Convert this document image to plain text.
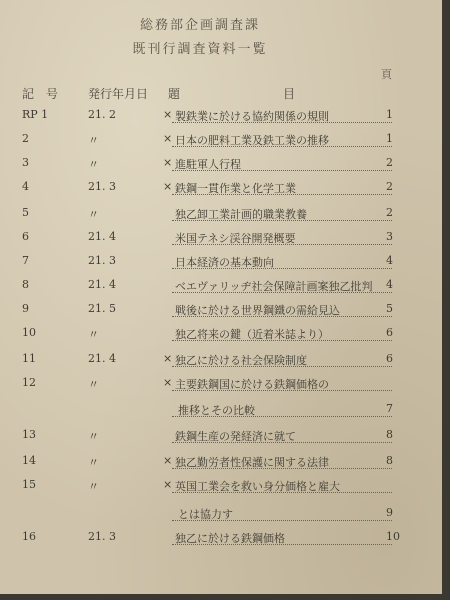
総務部企画調査課
既刊行調査資料一覧
頁
記　号 発行年月日 題	目
RP 1	21. 2	× 製鉄業に於ける協約関係の規則	1
2	〃	× 日本の肥料工業及鉄工業の推移	1
3	〃	× 進駐軍人行程	2
4	21. 3	× 鉄鋼一貫作業と化学工業	2
5	〃	独乙卸工業計画的職業教養	2
6	21. 4	米国テネシ渓谷開発概要	3
7	21. 3	日本経済の基本動向	4
8	21. 4	ベエヴァリッヂ社会保障計画案独乙批判 4
9	21. 5	戦後に於ける世界鋼鐵の需給見込	5
10	〃	独乙将来の鍵（近着米誌より）	6
11	21. 4	× 独乙に於ける社会保険制度	6
12	〃	× 主要鉄鋼国に於ける鉄鋼価格の
推移とその比較	7
13	〃	鉄鋼生産の発経済に就て	8
14	〃	× 独乙勤労者性保護に関する法律	8
15	〃	× 英国工業会を救い身分価格と雇大
とは協力す	9
16	21. 3	独乙に於ける鉄鋼価格	10
